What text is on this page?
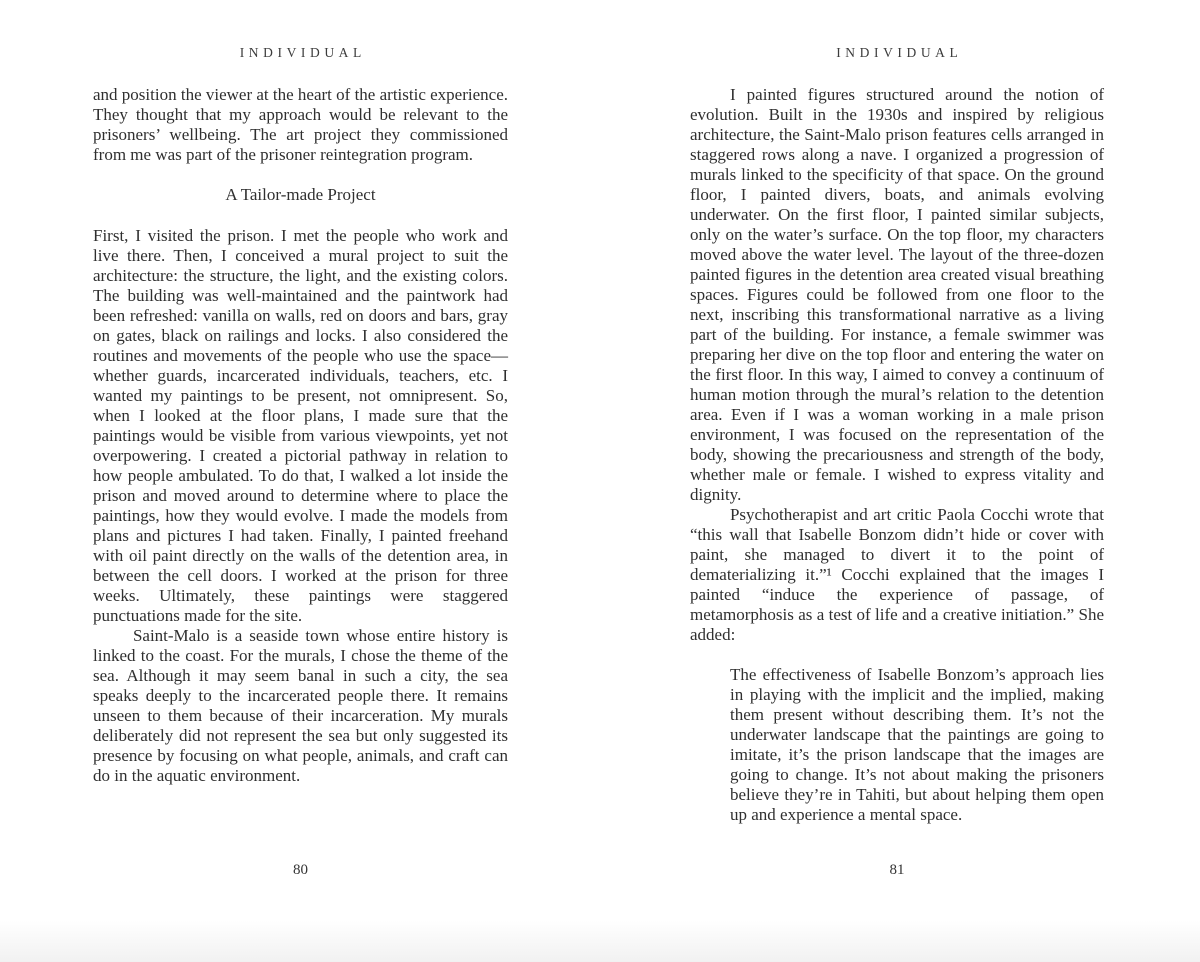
INDIVIDUAL

and position the viewer at the heart of the artistic experience. They thought that my approach would be relevant to the prisoners’ wellbeing. The art project they commissioned from me was part of the prisoner reintegration program.

A Tailor-made Project

First, I visited the prison. I met the people who work and live there. Then, I conceived a mural project to suit the architecture: the structure, the light, and the existing colors. The building was well-maintained and the paintwork had been refreshed: vanilla on walls, red on doors and bars, gray on gates, black on railings and locks. I also considered the routines and movements of the people who use the space—whether guards, incarcerated individuals, teachers, etc. I wanted my paintings to be present, not omnipresent. So, when I looked at the floor plans, I made sure that the paintings would be visible from various viewpoints, yet not overpowering. I created a pictorial pathway in relation to how people ambulated. To do that, I walked a lot inside the prison and moved around to determine where to place the paintings, how they would evolve. I made the models from plans and pictures I had taken. Finally, I painted freehand with oil paint directly on the walls of the detention area, in between the cell doors. I worked at the prison for three weeks. Ultimately, these paintings were staggered punctuations made for the site.

Saint-Malo is a seaside town whose entire history is linked to the coast. For the murals, I chose the theme of the sea. Although it may seem banal in such a city, the sea speaks deeply to the incarcerated people there. It remains unseen to them because of their incarceration. My murals deliberately did not represent the sea but only suggested its presence by focusing on what people, animals, and craft can do in the aquatic environment.

80
INDIVIDUAL

I painted figures structured around the notion of evolution. Built in the 1930s and inspired by religious architecture, the Saint-Malo prison features cells arranged in staggered rows along a nave. I organized a progression of murals linked to the specificity of that space. On the ground floor, I painted divers, boats, and animals evolving underwater. On the first floor, I painted similar subjects, only on the water’s surface. On the top floor, my characters moved above the water level. The layout of the three-dozen painted figures in the detention area created visual breathing spaces. Figures could be followed from one floor to the next, inscribing this transformational narrative as a living part of the building. For instance, a female swimmer was preparing her dive on the top floor and entering the water on the first floor. In this way, I aimed to convey a continuum of human motion through the mural’s relation to the detention area. Even if I was a woman working in a male prison environment, I was focused on the representation of the body, showing the precariousness and strength of the body, whether male or female. I wished to express vitality and dignity.

Psychotherapist and art critic Paola Cocchi wrote that “this wall that Isabelle Bonzom didn’t hide or cover with paint, she managed to divert it to the point of dematerializing it.”¹ Cocchi explained that the images I painted “induce the experience of passage, of metamorphosis as a test of life and a creative initiation.” She added:

The effectiveness of Isabelle Bonzom’s approach lies in playing with the implicit and the implied, making them present without describing them. It’s not the underwater landscape that the paintings are going to imitate, it’s the prison landscape that the images are going to change. It’s not about making the prisoners believe they’re in Tahiti, but about helping them open up and experience a mental space.
81
